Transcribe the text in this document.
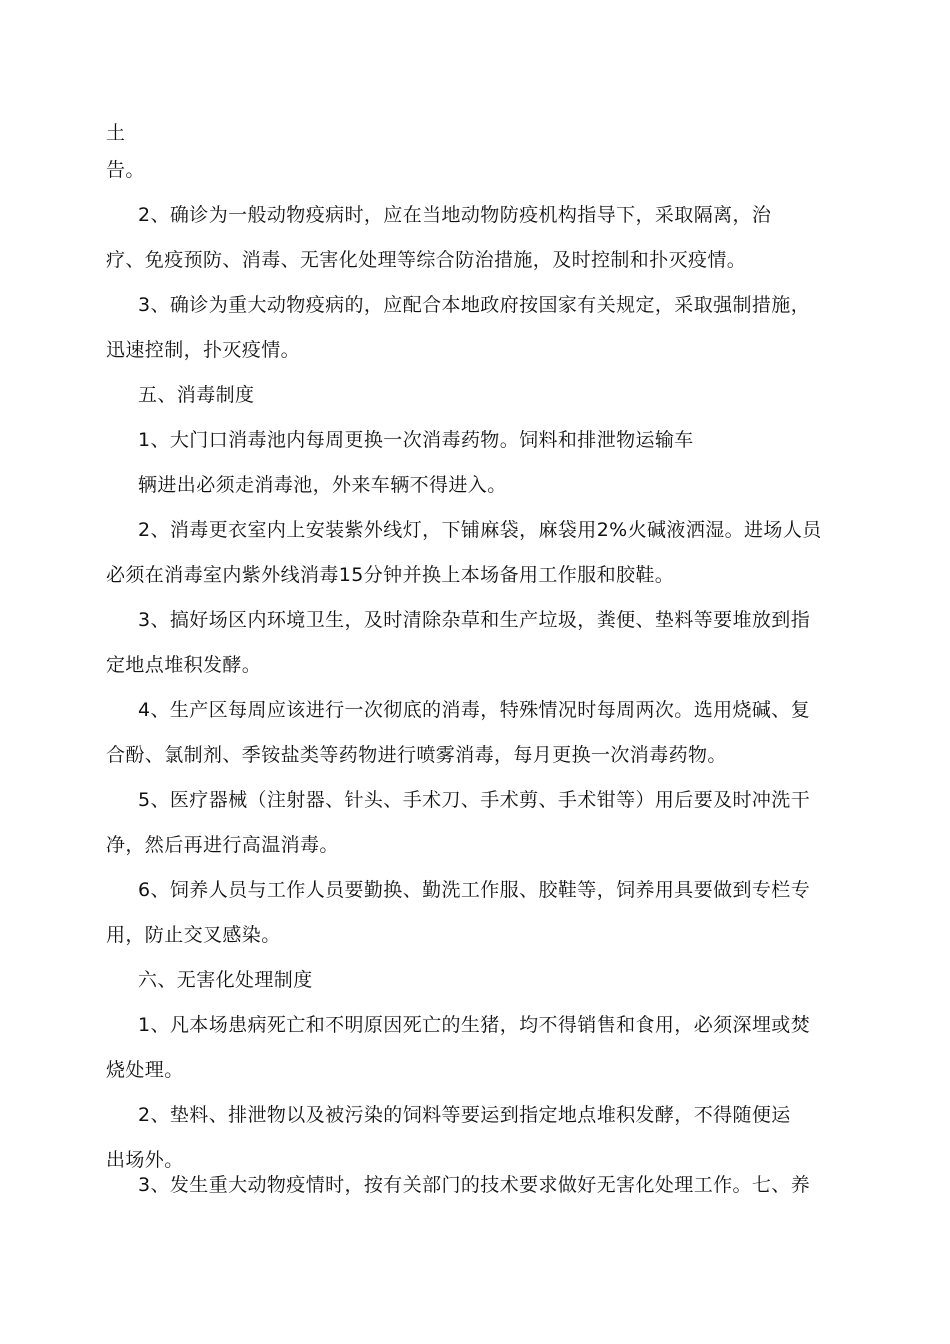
土
告。
2、确诊为一般动物疫病时，应在当地动物防疫机构指导下，采取隔离，治
疗、免疫预防、消毒、无害化处理等综合防治措施，及时控制和扑灭疫情。
3、确诊为重大动物疫病的，应配合本地政府按国家有关规定，采取强制措施，
迅速控制，扑灭疫情。
五、消毒制度
1、大门口消毒池内每周更换一次消毒药物。饲料和排泄物运输车
辆进出必须走消毒池，外来车辆不得进入。
2、消毒更衣室内上安装紫外线灯，下铺麻袋，麻袋用2%火碱液洒湿。进场人员
必须在消毒室内紫外线消毒15分钟并换上本场备用工作服和胶鞋。
3、搞好场区内环境卫生，及时清除杂草和生产垃圾，粪便、垫料等要堆放到指
定地点堆积发酵。
4、生产区每周应该进行一次彻底的消毒，特殊情况时每周两次。选用烧碱、复
合酚、氯制剂、季铵盐类等药物进行喷雾消毒，每月更换一次消毒药物。
5、医疗器械（注射器、针头、手术刀、手术剪、手术钳等）用后要及时冲洗干
净，然后再进行高温消毒。
6、饲养人员与工作人员要勤换、勤洗工作服、胶鞋等，饲养用具要做到专栏专
用，防止交叉感染。
六、无害化处理制度
1、凡本场患病死亡和不明原因死亡的生猪，均不得销售和食用，必须深埋或焚
烧处理。
2、垫料、排泄物以及被污染的饲料等要运到指定地点堆积发酵，不得随便运
出场外。
3、发生重大动物疫情时，按有关部门的技术要求做好无害化处理工作。七、养
